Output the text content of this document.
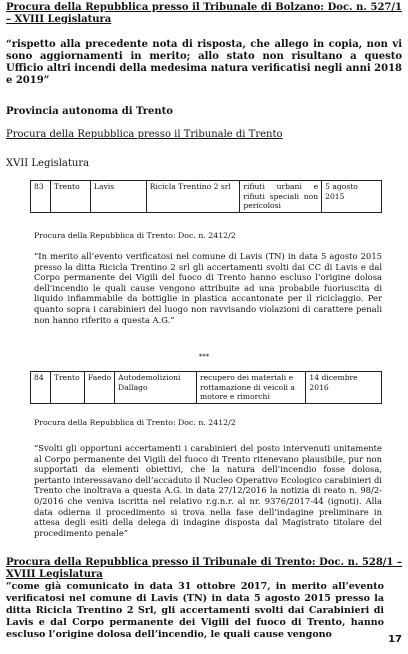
Procura della Repubblica presso il Tribunale di Bolzano: Doc. n. 527/1 – XVIII Legislatura
“rispetto alla precedente nota di risposta, che allego in copia, non vi sono aggiornamenti in merito; allo stato non risultano a questo Ufficio altri incendi della medesima natura verificatisi negli anni 2018 e 2019”
Provincia autonoma di Trento
Procura della Repubblica presso il Tribunale di Trento
XVII Legislatura
83	Trento	Lavis	Ricicla Trentino 2 srl	rifiuti urbani e rifiuti speciali non pericolosi	5 agosto 2015
Procura della Repubblica di Trento: Doc. n. 2412/2
“In merito all’evento verificatosi nel comune di Lavis (TN) in data 5 agosto 2015 presso la ditta Ricicla Trentino 2 srl gli accertamenti svolti dai CC di Lavis e dal Corpo permanente dei Vigili del fuoco di Trento hanno escluso l’origine dolosa dell’incendio le quali cause vengono attribuite ad una probabile fuoriuscita di liquido infiammabile da bottiglie in plastica accantonate per il riciclaggio. Per quanto sopra i carabinieri del luogo non ravvisando violazioni di carattere penali non hanno riferito a questa A.G.”
***
84	Trento	Faedo	Autodemolizioni Dallago	recupero dei materiali e rottamazione di veicoli a motore e rimorchi	14 dicembre 2016
Procura della Repubblica di Trento: Doc. n. 2412/2
“Svolti gli opportuni accertamenti i carabinieri del posto intervenuti unitamente al Corpo permanente dei Vigili del fuoco di Trento ritenevano plausibile, pur non supportati da elementi obiettivi, che la natura dell’incendio fosse dolosa, pertanto interessavano dell’accaduto il Nucleo Operativo Ecologico carabinieri di Trento che inoltrava a questa A.G. in data 27/12/2016 la notizia di reato n. 98/2-0/2016 che veniva iscritta nel relativo r.g.n.r. al nr. 9376/2017-44 (ignoti). Alla data odierna il procedimento si trova nella fase dell’indagine preliminare in attesa degli esiti della delega di indagine disposta dal Magistrato titolare del procedimento penale”
Procura della Repubblica presso il Tribunale di Trento: Doc. n. 528/1 – XVIII Legislatura
“come già comunicato in data 31 ottobre 2017, in merito all’evento verificatosi nel comune di Lavis (TN) in data 5 agosto 2015 presso la ditta Ricicla Trentino 2 Srl, gli accertamenti svolti dai Carabinieri di Lavis e dal Corpo permanente dei Vigili del fuoco di Trento, hanno escluso l’origine dolosa dell’incendio, le quali cause vengono	17
